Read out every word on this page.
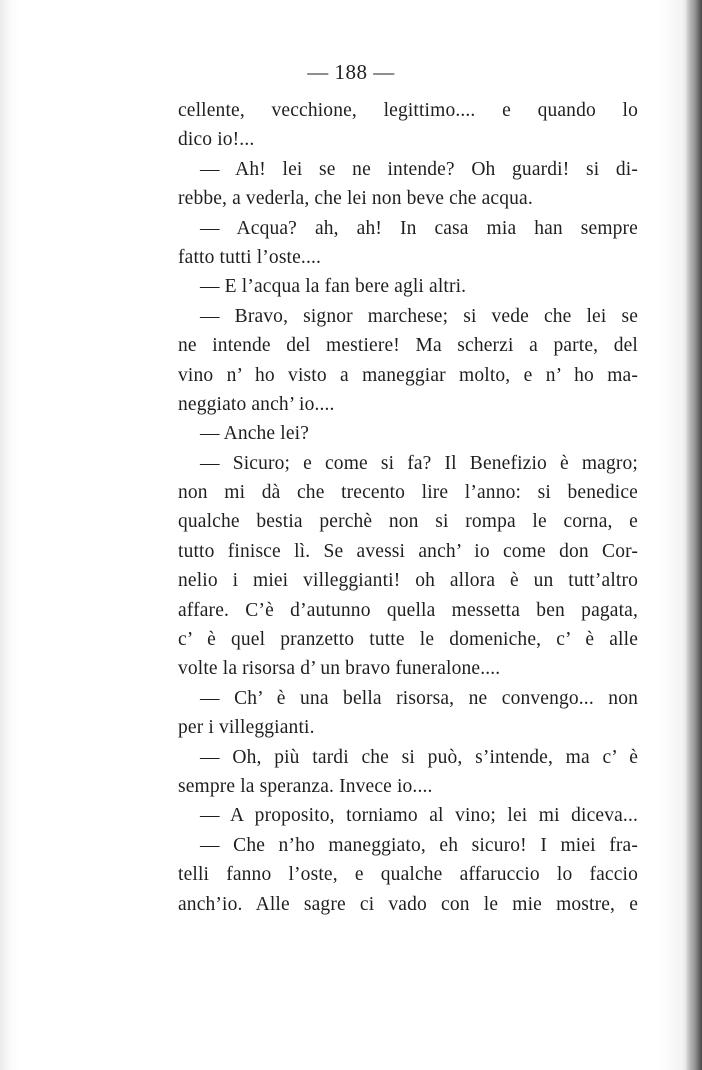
— 188 —
cellente, vecchione, legittimo.... e quando lo
dico io!...
— Ah! lei se ne intende? Oh guardi! si di-
rebbe, a vederla, che lei non beve che acqua.
— Acqua? ah, ah! In casa mia han sempre
fatto tutti l’oste....
— E l’acqua la fan bere agli altri.
— Bravo, signor marchese; si vede che lei se
ne intende del mestiere! Ma scherzi a parte, del
vino n’ ho visto a maneggiar molto, e n’ ho ma-
neggiato anch’ io....
— Anche lei?
— Sicuro; e come si fa? Il Benefizio è magro;
non mi dà che trecento lire l’anno: si benedice
qualche bestia perchè non si rompa le corna, e
tutto finisce lì. Se avessi anch’ io come don Cor-
nelio i miei villeggianti! oh allora è un tutt’altro
affare. C’è d’autunno quella messetta ben pagata,
c’ è quel pranzetto tutte le domeniche, c’ è alle
volte la risorsa d’ un bravo funeralone....
— Ch’ è una bella risorsa, ne convengo... non
per i villeggianti.
— Oh, più tardi che si può, s’intende, ma c’ è
sempre la speranza. Invece io....
— A proposito, torniamo al vino; lei mi diceva...
— Che n’ho maneggiato, eh sicuro! I miei fra-
telli fanno l’oste, e qualche affaruccio lo faccio
anch’io. Alle sagre ci vado con le mie mostre, e
